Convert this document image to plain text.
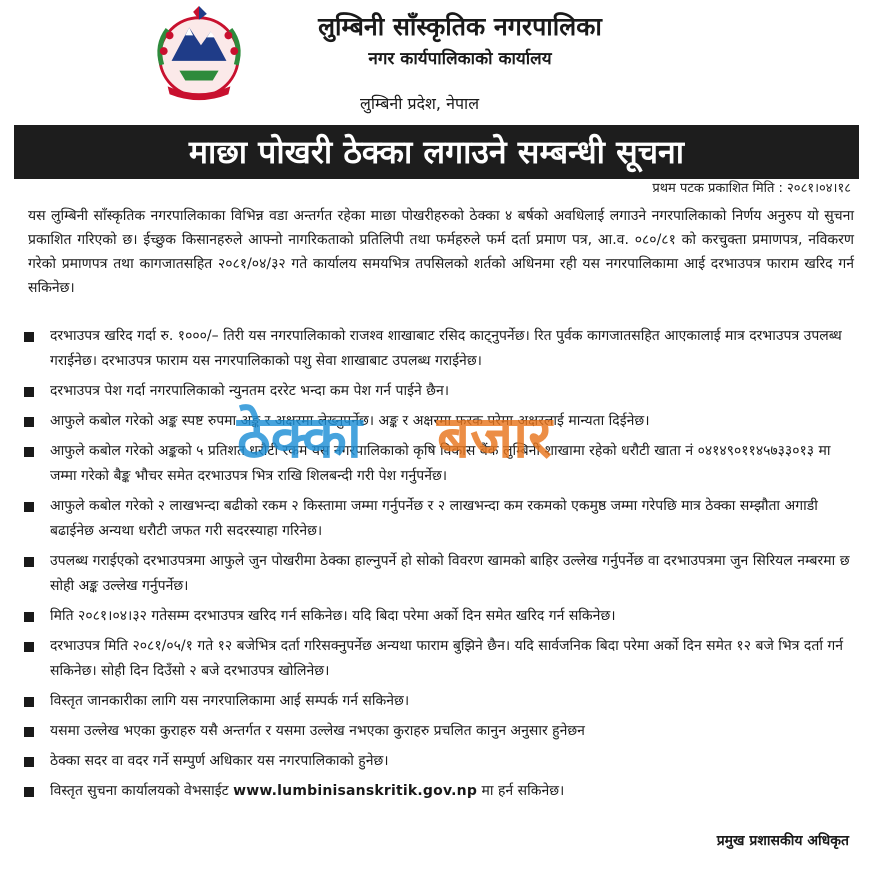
लुम्बिनी साँस्कृतिक नगरपालिका

नगर कार्यपालिकाको कार्यालय

लुम्बिनी प्रदेश, नेपाल
माछा पोखरी ठेक्का लगाउने सम्बन्धी सूचना
प्रथम पटक प्रकाशित मिति : २०८१।०४।१८

यस लुम्बिनी साँस्कृतिक नगरपालिकाका विभिन्न वडा अन्तर्गत रहेका माछा पोखरीहरुको ठेक्का ४ बर्षको अवधिलाई लगाउने नगरपालिकाको निर्णय अनुरुप यो सुचना प्रकाशित गरिएको छ। ईच्छुक किसानहरुले आफ्नो नागरिकताको प्रतिलिपी तथा फर्महरुले फर्म दर्ता प्रमाण पत्र, आ.व. ०८०/८१ को करचुक्ता प्रमाणपत्र, नविकरण गरेको प्रमाणपत्र तथा कागजातसहित २०८१/०४/३२ गते कार्यालय समयभित्र तपसिलको शर्तको अधिनमा रही यस नगरपालिकामा आई दरभाउपत्र फाराम खरिद गर्न सकिनेछ।

दरभाउपत्र खरिद गर्दा रु. १०००/– तिरी यस नगरपालिकाको राजश्व शाखाबाट रसिद काट्नुपर्नेछ। रित पुर्वक कागजातसहित आएकालाई मात्र दरभाउपत्र उपलब्ध गराईनेछ। दरभाउपत्र फाराम यस नगरपालिकाको पशु सेवा शाखाबाट उपलब्ध गराईनेछ।
दरभाउपत्र पेश गर्दा नगरपालिकाको न्युनतम दररेट भन्दा कम पेश गर्न पाईने छैन।
आफुले कबोल गरेको अङ्क स्पष्ट रुपमा अङ्क र अक्षरमा लेख्नुपर्नेछ। अङ्क र अक्षरमा फरक परेमा अक्षरलाई मान्यता दिईनेछ।
आफुले कबोल गरेको अङ्कको ५ प्रतिशत धरौटी रकम यस नगरपालिकाको कृषि विकास बैंक लुम्बिनी शाखामा रहेको धरौटी खाता नं ०४१४९०११४५७३३०१३ मा जम्मा गरेको बैङ्क भौचर समेत दरभाउपत्र भित्र राखि शिलबन्दी गरी पेश गर्नुपर्नेछ।
आफुले कबोल गरेको २ लाखभन्दा बढीको रकम २ किस्तामा जम्मा गर्नुपर्नेछ र २ लाखभन्दा कम रकमको एकमुष्ठ जम्मा गरेपछि मात्र ठेक्का सम्झौता अगाडी बढाईनेछ अन्यथा धरौटी जफत गरी सदरस्याहा गरिनेछ।
उपलब्ध गराईएको दरभाउपत्रमा आफुले जुन पोखरीमा ठेक्का हाल्नुपर्ने हो सोको विवरण खामको बाहिर उल्लेख गर्नुपर्नेछ वा दरभाउपत्रमा जुन सिरियल नम्बरमा छ सोही अङ्क उल्लेख गर्नुपर्नेछ।
मिति २०८१।०४।३२ गतेसम्म दरभाउपत्र खरिद गर्न सकिनेछ। यदि बिदा परेमा अर्को दिन समेत खरिद गर्न सकिनेछ।
दरभाउपत्र मिति २०८१/०५/१ गते १२ बजेभित्र दर्ता गरिसक्नुपर्नेछ अन्यथा फाराम बुझिने छैन। यदि सार्वजनिक बिदा परेमा अर्को दिन समेत १२ बजे भित्र दर्ता गर्न सकिनेछ। सोही दिन दिउँसो २ बजे दरभाउपत्र खोलिनेछ।
विस्तृत जानकारीका लागि यस नगरपालिकामा आई सम्पर्क गर्न सकिनेछ।
यसमा उल्लेख भएका कुराहरु यसै अन्तर्गत र यसमा उल्लेख नभएका कुराहरु प्रचलित कानुन अनुसार हुनेछन
ठेक्का सदर वा वदर गर्ने सम्पुर्ण अधिकार यस नगरपालिकाको हुनेछ।
विस्तृत सुचना कार्यालयको वेभसाईट www.lumbinisanskritik.gov.np मा हर्न सकिनेछ।
ठेक्का बजार
प्रमुख प्रशासकीय अधिकृत
